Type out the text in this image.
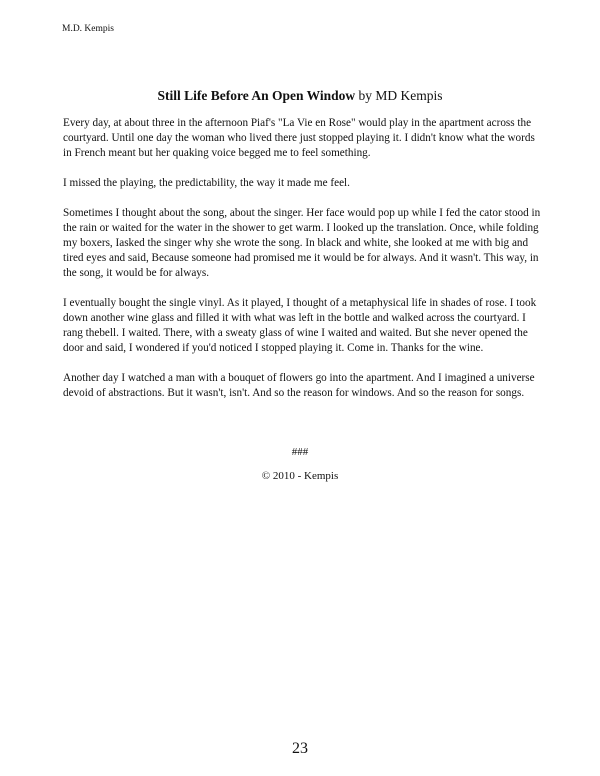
M.D. Kempis
Still Life Before An Open Window by MD Kempis

Every day, at about three in the afternoon Piaf's "La Vie en Rose" would play in the apartment across the courtyard. Until one day the woman who lived there just stopped playing it. I didn't know what the words in French meant but her quaking voice begged me to feel something.

I missed the playing, the predictability, the way it made me feel.

Sometimes I thought about the song, about the singer. Her face would pop up while I fed the cator stood in the rain or waited for the water in the shower to get warm. I looked up the translation. Once, while folding my boxers, Iasked the singer why she wrote the song. In black and white, she looked at me with big and tired eyes and said, Because someone had promised me it would be for always. And it wasn't. This way, in the song, it would be for always.

I eventually bought the single vinyl. As it played, I thought of a metaphysical life in shades of rose. I took down another wine glass and filled it with what was left in the bottle and walked across the courtyard. I rang thebell. I waited. There, with a sweaty glass of wine I waited and waited. But she never opened the door and said, I wondered if you'd noticed I stopped playing it. Come in. Thanks for the wine.

Another day I watched a man with a bouquet of flowers go into the apartment. And I imagined a universe devoid of abstractions. But it wasn't, isn't. And so the reason for windows. And so the reason for songs.

###
© 2010 - Kempis
23
